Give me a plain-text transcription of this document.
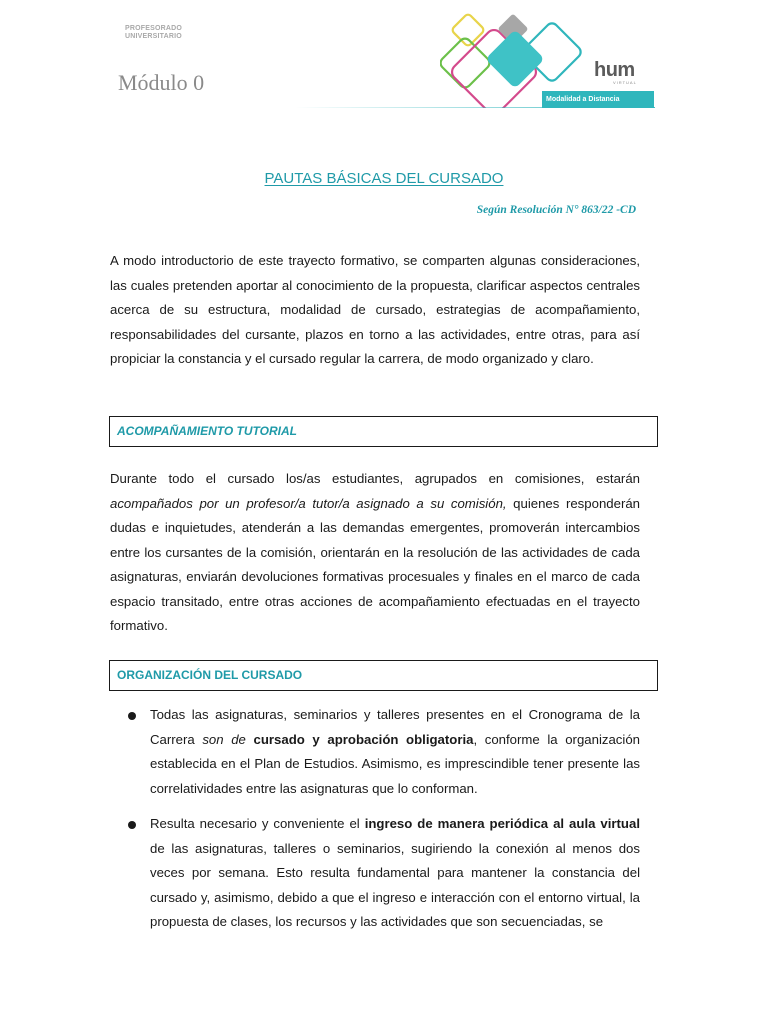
PROFESORADO
UNIVERSITARIO
Módulo 0	hum
VIRTUAL
Modalidad a Distancia
PAUTAS BÁSICAS DEL CURSADO
Según Resolución N° 863/22 -CD

A modo introductorio de este trayecto formativo, se comparten algunas consideraciones, las cuales pretenden aportar al conocimiento de la propuesta, clarificar aspectos centrales acerca de su estructura, modalidad de cursado, estrategias de acompañamiento, responsabilidades del cursante, plazos en torno a las actividades, entre otras, para así propiciar la constancia y el cursado regular la carrera, de modo organizado y claro.

ACOMPAÑAMIENTO TUTORIAL

Durante todo el cursado los/as estudiantes, agrupados en comisiones, estarán acompañados por un profesor/a tutor/a asignado a su comisión, quienes responderán dudas e inquietudes, atenderán a las demandas emergentes, promoverán intercambios entre los cursantes de la comisión, orientarán en la resolución de las actividades de cada asignaturas, enviarán devoluciones formativas procesuales y finales en el marco de cada espacio transitado, entre otras acciones de acompañamiento efectuadas en el trayecto formativo.

ORGANIZACIÓN DEL CURSADO

Todas las asignaturas, seminarios y talleres presentes en el Cronograma de la Carrera son de cursado y aprobación obligatoria, conforme la organización establecida en el Plan de Estudios. Asimismo, es imprescindible tener presente las correlatividades entre las asignaturas que lo conforman.

Resulta necesario y conveniente el ingreso de manera periódica al aula virtual de las asignaturas, talleres o seminarios, sugiriendo la conexión al menos dos veces por semana. Esto resulta fundamental para mantener la constancia del cursado y, asimismo, debido a que el ingreso e interacción con el entorno virtual, la propuesta de clases, los recursos y las actividades que son secuenciadas, se
